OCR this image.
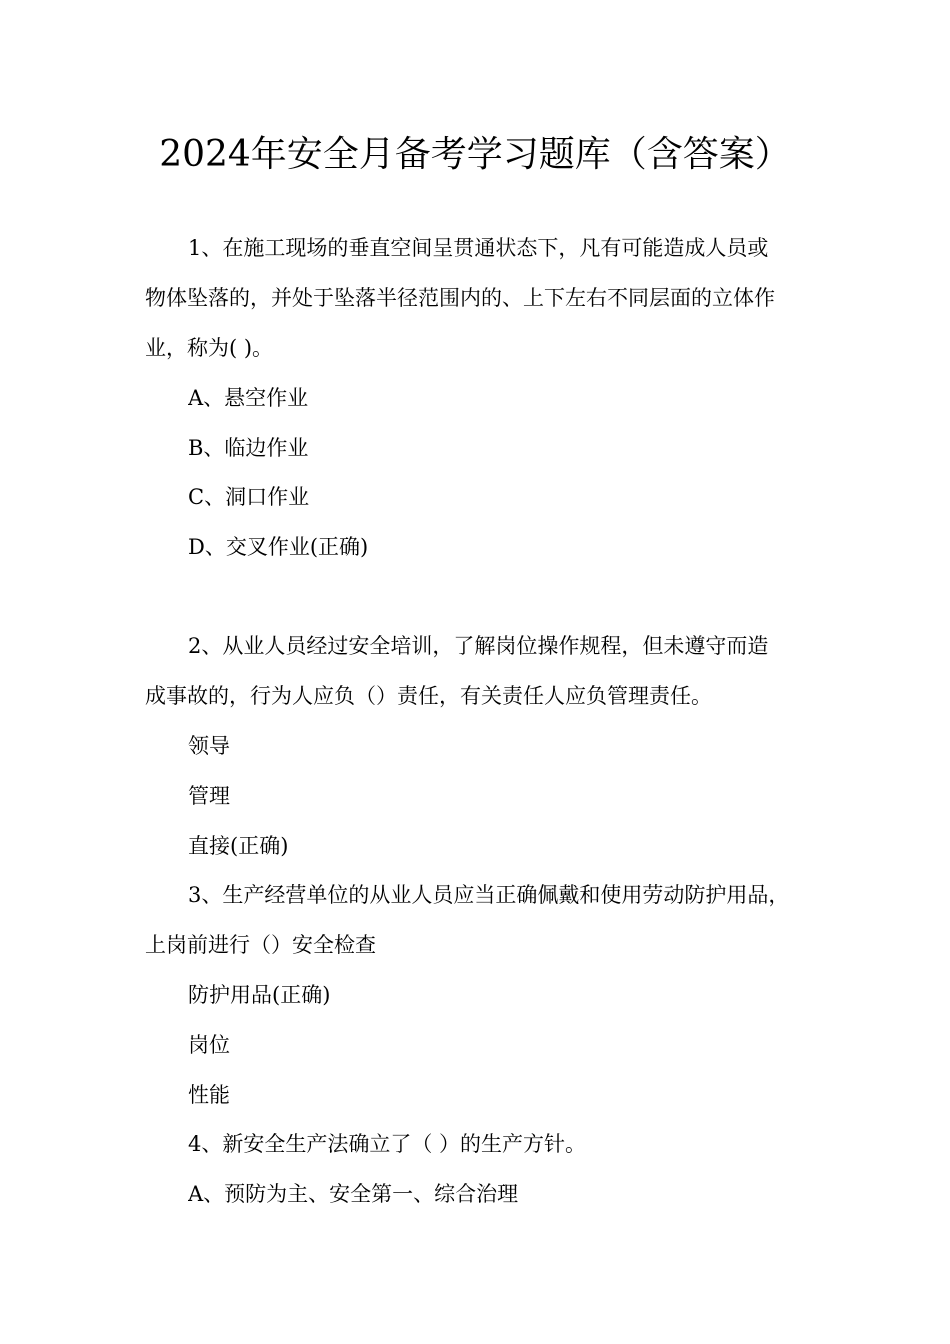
2024年安全月备考学习题库（含答案）
1、在施工现场的垂直空间呈贯通状态下，凡有可能造成人员或
物体坠落的，并处于坠落半径范围内的、上下左右不同层面的立体作
业，称为( )。
A、悬空作业
B、临边作业
C、洞口作业
D、交叉作业(正确)
2、从业人员经过安全培训，了解岗位操作规程，但未遵守而造
成事故的，行为人应负（）责任，有关责任人应负管理责任。
领导
管理
直接(正确)
3、生产经营单位的从业人员应当正确佩戴和使用劳动防护用品，
上岗前进行（）安全检查
防护用品(正确)
岗位
性能
4、新安全生产法确立了（ ）的生产方针。
A、预防为主、安全第一、综合治理
